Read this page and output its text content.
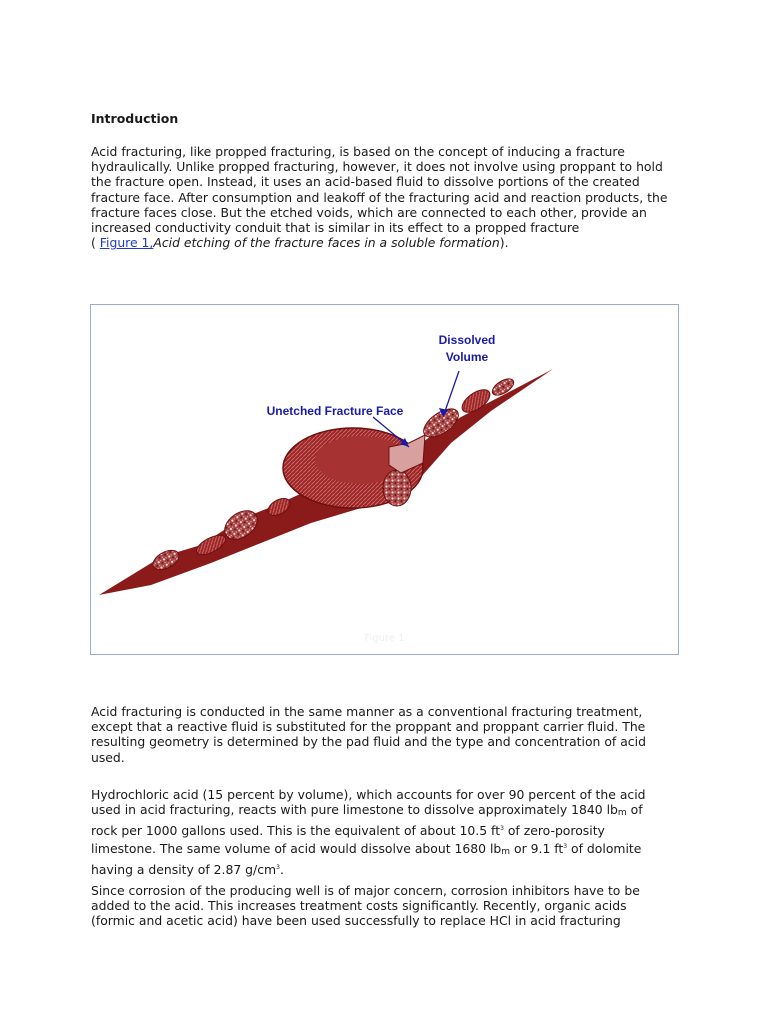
Introduction

Acid fracturing, like propped fracturing, is based on the concept of inducing a fracture
hydraulically. Unlike propped fracturing, however, it does not involve using proppant to hold
the fracture open. Instead, it uses an acid-based fluid to dissolve portions of the created
fracture face. After consumption and leakoff of the fracturing acid and reaction products, the
fracture faces close. But the etched voids, which are connected to each other, provide an
increased conductivity conduit that is similar in its effect to a propped fracture
( Figure 1,Acid etching of the fracture faces in a soluble formation).

Dissolved
Volume
Unetched Fracture Face
Figure 1

Acid fracturing is conducted in the same manner as a conventional fracturing treatment,
except that a reactive fluid is substituted for the proppant and proppant carrier fluid. The
resulting geometry is determined by the pad fluid and the type and concentration of acid
used.

Hydrochloric acid (15 percent by volume), which accounts for over 90 percent of the acid
used in acid fracturing, reacts with pure limestone to dissolve approximately 1840 lbm of
rock per 1000 gallons used. This is the equivalent of about 10.5 $ft^3$ of zero-porosity
limestone. The same volume of acid would dissolve about 1680 lbm or 9.1 $ft^3$ of dolomite
having a density of 2.87 $g/cm^3$.

Since corrosion of the producing well is of major concern, corrosion inhibitors have to be
added to the acid. This increases treatment costs significantly. Recently, organic acids
(formic and acetic acid) have been used successfully to replace HCl in acid fracturing
